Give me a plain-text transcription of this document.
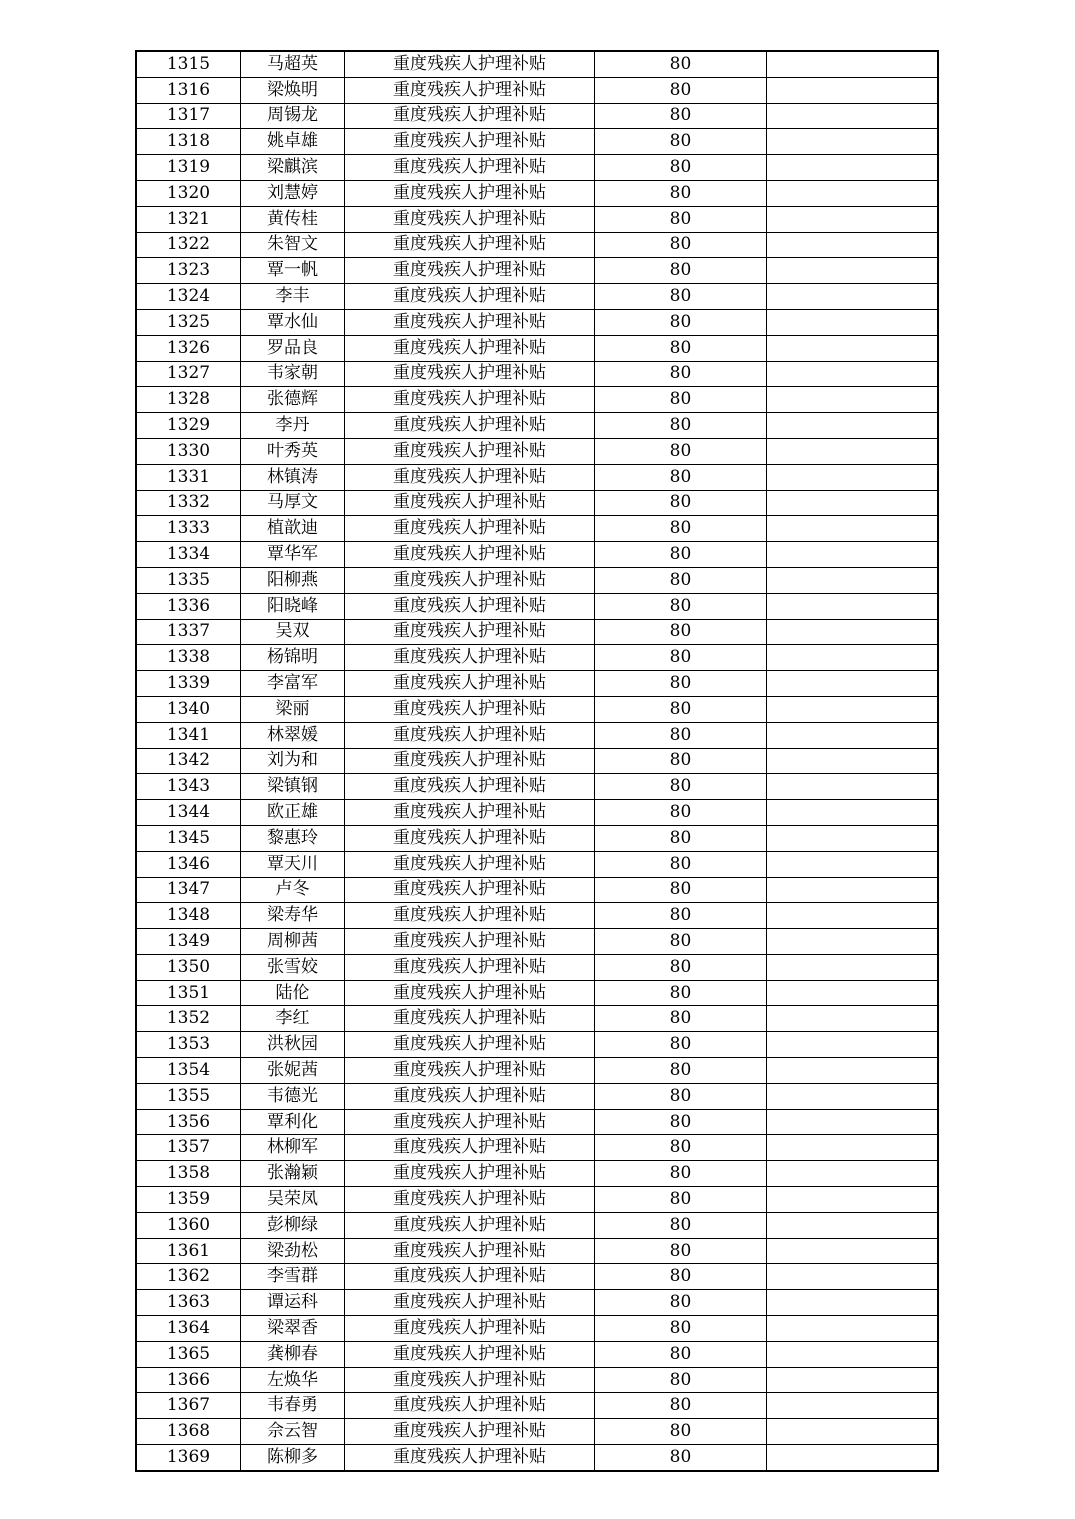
1315	马超英	重度残疾人护理补贴	80	
1316	梁焕明	重度残疾人护理补贴	80	
1317	周锡龙	重度残疾人护理补贴	80	
1318	姚卓雄	重度残疾人护理补贴	80	
1319	梁麒滨	重度残疾人护理补贴	80	
1320	刘慧婷	重度残疾人护理补贴	80	
1321	黄传桂	重度残疾人护理补贴	80	
1322	朱智文	重度残疾人护理补贴	80	
1323	覃一帆	重度残疾人护理补贴	80	
1324	李丰	重度残疾人护理补贴	80	
1325	覃水仙	重度残疾人护理补贴	80	
1326	罗品良	重度残疾人护理补贴	80	
1327	韦家朝	重度残疾人护理补贴	80	
1328	张德辉	重度残疾人护理补贴	80	
1329	李丹	重度残疾人护理补贴	80	
1330	叶秀英	重度残疾人护理补贴	80	
1331	林镇涛	重度残疾人护理补贴	80	
1332	马厚文	重度残疾人护理补贴	80	
1333	植歆迪	重度残疾人护理补贴	80	
1334	覃华军	重度残疾人护理补贴	80	
1335	阳柳燕	重度残疾人护理补贴	80	
1336	阳晓峰	重度残疾人护理补贴	80	
1337	吴双	重度残疾人护理补贴	80	
1338	杨锦明	重度残疾人护理补贴	80	
1339	李富军	重度残疾人护理补贴	80	
1340	梁丽	重度残疾人护理补贴	80	
1341	林翠媛	重度残疾人护理补贴	80	
1342	刘为和	重度残疾人护理补贴	80	
1343	梁镇钢	重度残疾人护理补贴	80	
1344	欧正雄	重度残疾人护理补贴	80	
1345	黎惠玲	重度残疾人护理补贴	80	
1346	覃天川	重度残疾人护理补贴	80	
1347	卢冬	重度残疾人护理补贴	80	
1348	梁寿华	重度残疾人护理补贴	80	
1349	周柳茜	重度残疾人护理补贴	80	
1350	张雪姣	重度残疾人护理补贴	80	
1351	陆伦	重度残疾人护理补贴	80	
1352	李红	重度残疾人护理补贴	80	
1353	洪秋园	重度残疾人护理补贴	80	
1354	张妮茜	重度残疾人护理补贴	80	
1355	韦德光	重度残疾人护理补贴	80	
1356	覃利化	重度残疾人护理补贴	80	
1357	林柳军	重度残疾人护理补贴	80	
1358	张瀚颖	重度残疾人护理补贴	80	
1359	吴荣凤	重度残疾人护理补贴	80	
1360	彭柳绿	重度残疾人护理补贴	80	
1361	梁劲松	重度残疾人护理补贴	80	
1362	李雪群	重度残疾人护理补贴	80	
1363	谭运科	重度残疾人护理补贴	80	
1364	梁翠香	重度残疾人护理补贴	80	
1365	龚柳春	重度残疾人护理补贴	80	
1366	左焕华	重度残疾人护理补贴	80	
1367	韦春勇	重度残疾人护理补贴	80	
1368	佘云智	重度残疾人护理补贴	80	
1369	陈柳多	重度残疾人护理补贴	80	
